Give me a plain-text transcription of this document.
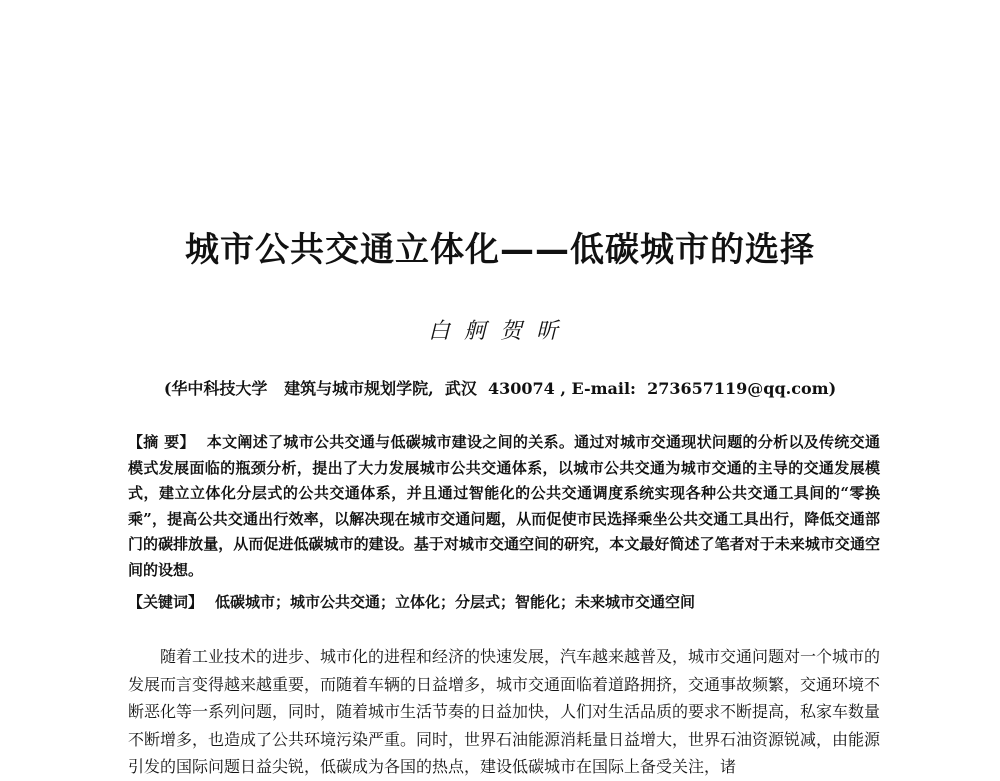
城市公共交通立体化——低碳城市的选择
白舸贺昕
(华中科技大学   建筑与城市规划学院,  武汉  430074 , E-mail:  273657119@qq.com)
【摘 要】 本文阐述了城市公共交通与低碳城市建设之间的关系。通过对城市交通现状问题的分析以及传统交通模式发展面临的瓶颈分析，提出了大力发展城市公共交通体系，以城市公共交通为城市交通的主导的交通发展模式，建立立体化分层式的公共交通体系，并且通过智能化的公共交通调度系统实现各种公共交通工具间的“零换乘”，提高公共交通出行效率，以解决现在城市交通问题，从而促使市民选择乘坐公共交通工具出行，降低交通部门的碳排放量，从而促进低碳城市的建设。基于对城市交通空间的研究，本文最好简述了笔者对于未来城市交通空间的设想。
【关键词】 低碳城市；城市公共交通；立体化；分层式；智能化；未来城市交通空间
随着工业技术的进步、城市化的进程和经济的快速发展，汽车越来越普及，城市交通问题对一个城市的发展而言变得越来越重要，而随着车辆的日益增多，城市交通面临着道路拥挤，交通事故频繁，交通环境不断恶化等一系列问题，同时，随着城市生活节奏的日益加快，人们对生活品质的要求不断提高，私家车数量不断增多，也造成了公共环境污染严重。同时，世界石油能源消耗量日益增大，世界石油资源锐减，由能源引发的国际问题日益尖锐，低碳成为各国的热点，建设低碳城市在国际上备受关注，诸
